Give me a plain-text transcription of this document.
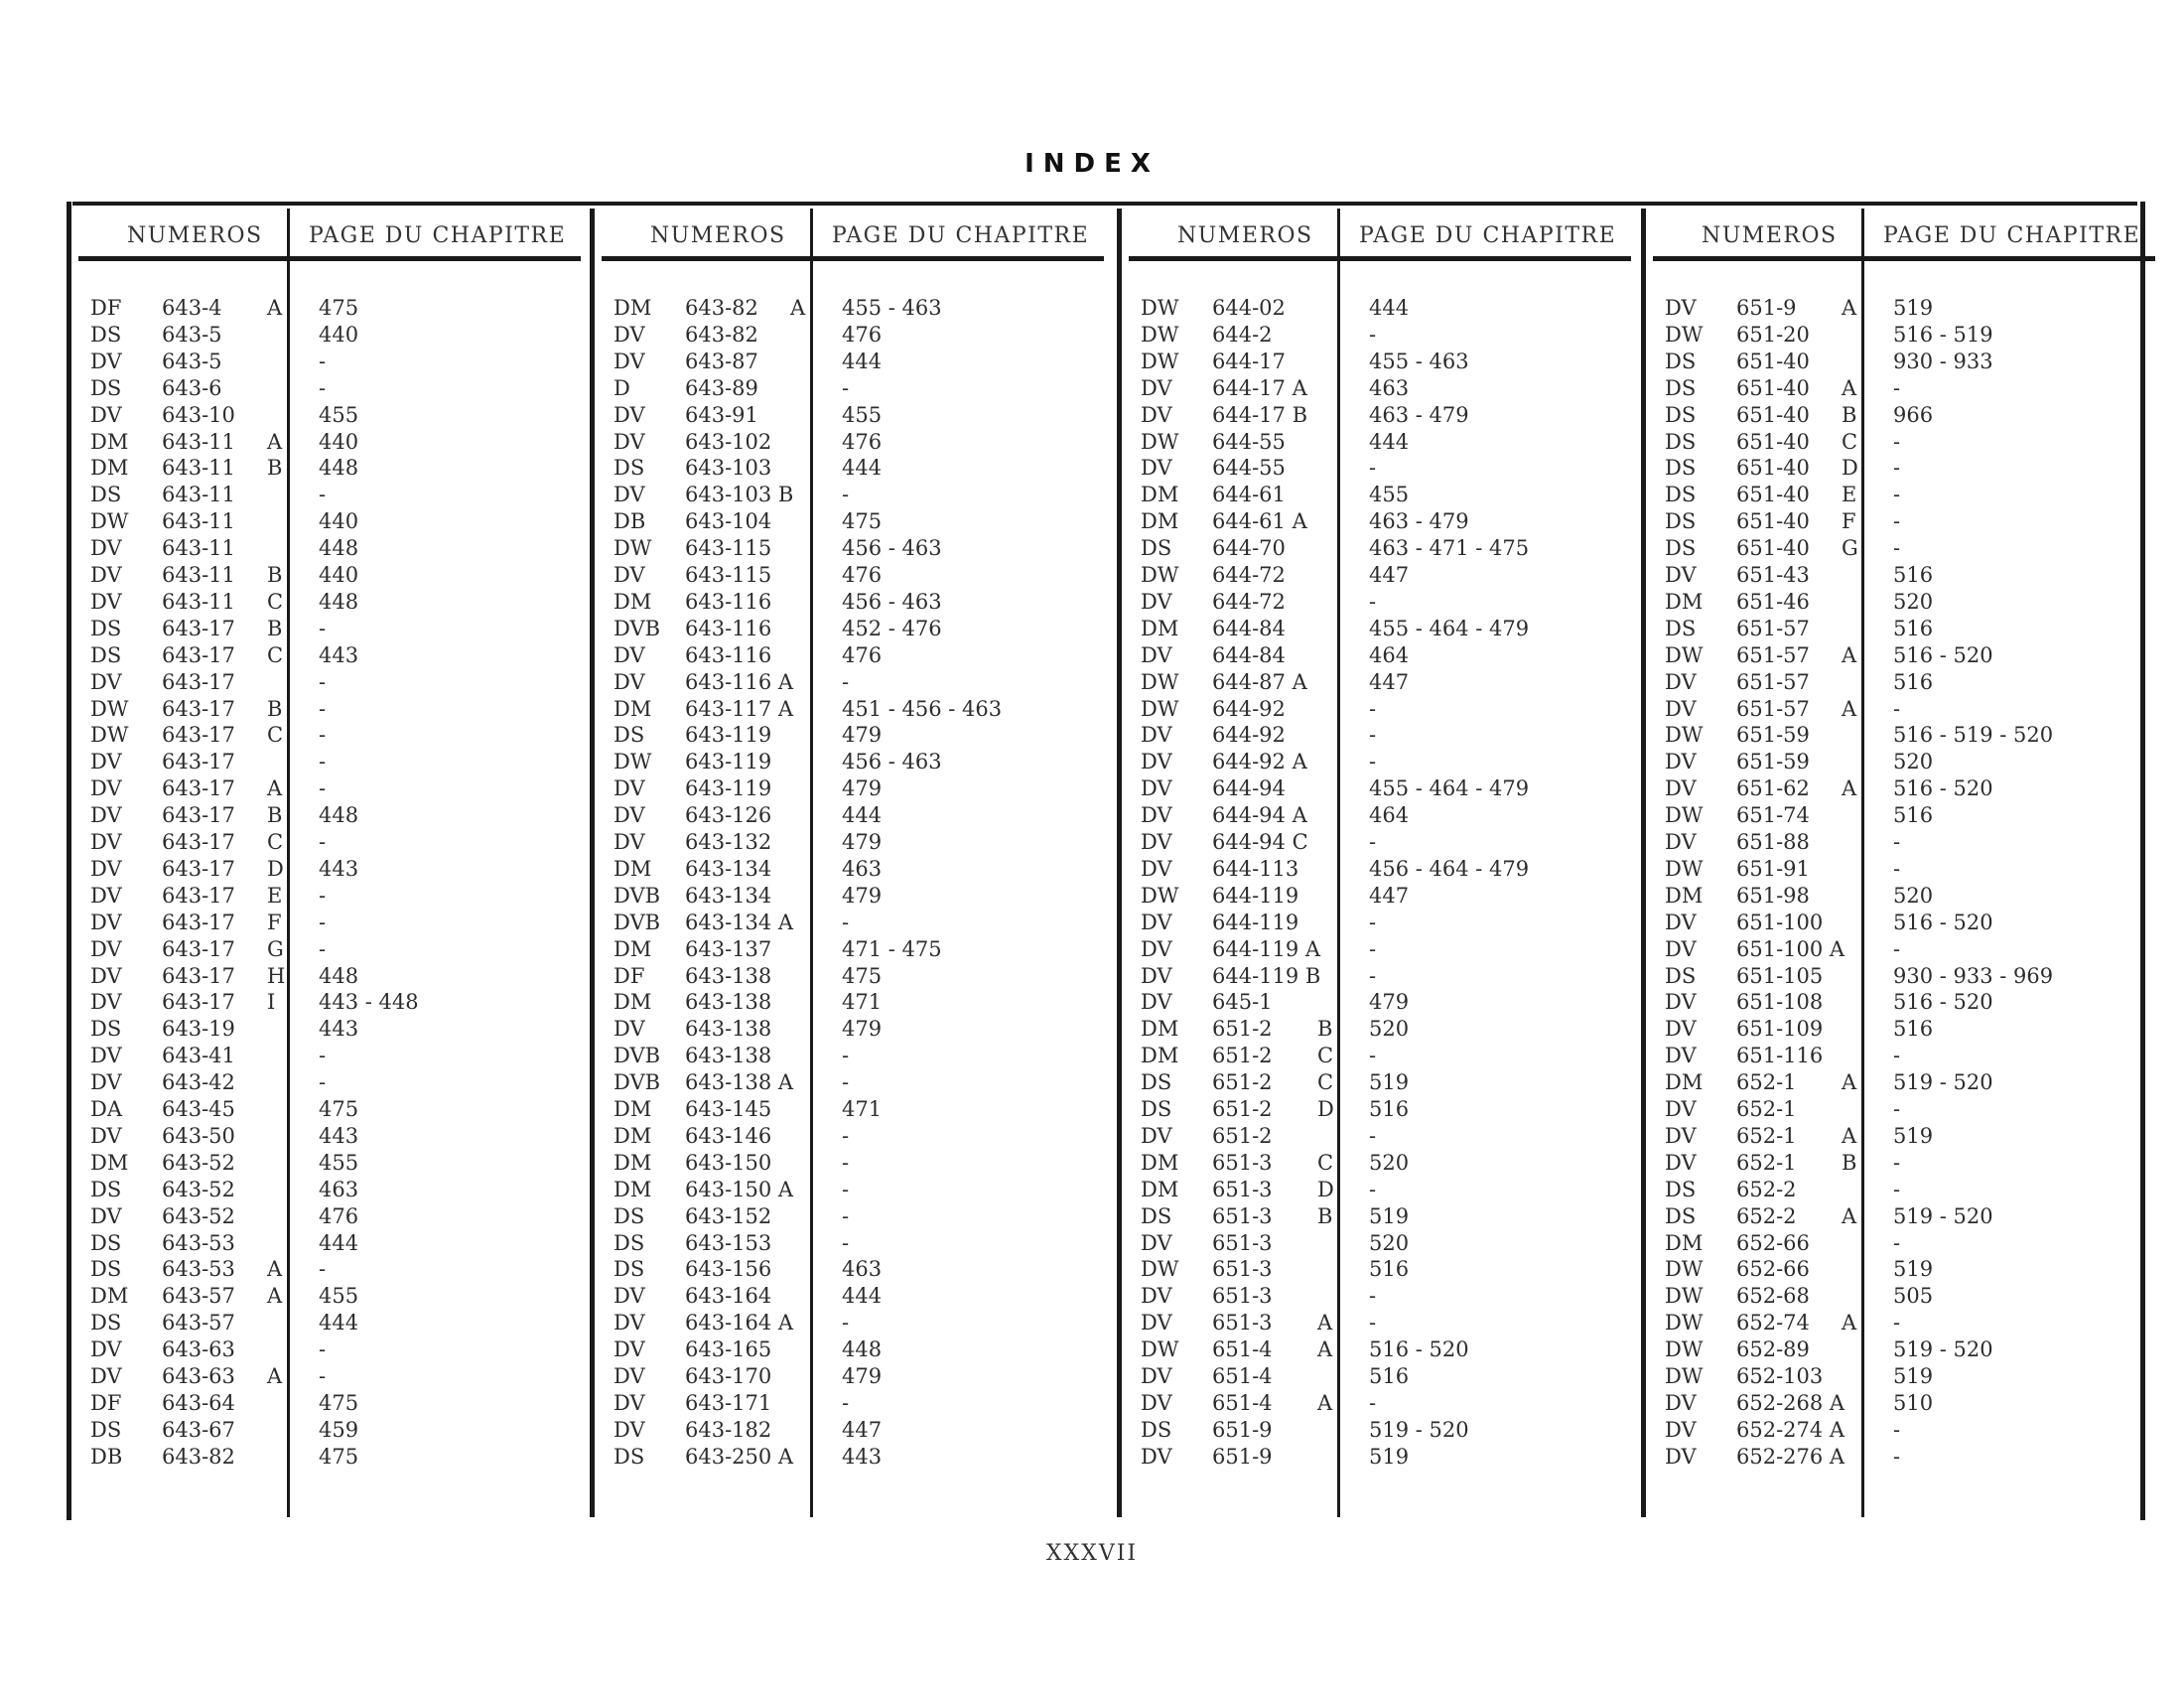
INDEX
NUMEROS PAGE DU CHAPITRE	NUMEROS PAGE DU CHAPITRE	NUMEROS PAGE DU CHAPITRE	NUMEROS PAGE DU CHAPITRE
DF 643-4 A 475
DS 643-5	440
DV 643-5	-
DS 643-6	-
DV 643-10	455
DM 643-11 A 440
DM 643-11 B 448
DS 643-11	-
DW 643-11	440
DV 643-11	448
DV 643-11 B 440
DV 643-11 C 448
DS 643-17 B -
DS 643-17 C 443
DV 643-17	-
DW 643-17 B -
DW 643-17 C -
DV 643-17	-
DV 643-17 A -
DV 643-17 B 448
DV 643-17 C -
DV 643-17 D 443
DV 643-17 E -
DV 643-17 F -
DV 643-17 G -
DV 643-17 H 448
DV 643-17 I 443 - 448
DS 643-19	443
DV 643-41	-
DV 643-42	-
DA 643-45	475
DV 643-50	443
DM 643-52	455
DS 643-52	463
DV 643-52	476
DS 643-53	444
DS 643-53 A -
DM 643-57 A 455
DS 643-57	444
DV 643-63	-
DV 643-63 A -
DF 643-64	475
DS 643-67	459
DB 643-82	475
DM 643-82 A 455 - 463
DV 643-82	476
DV 643-87	444
D	643-89	-
DV 643-91	455
DV 643-102	476
DS 643-103	444
DV 643-103 B -
DB 643-104	475
DW 643-115	456 - 463
DV 643-115	476
DM 643-116	456 - 463
DVB 643-116	452 - 476
DV 643-116	476
DV 643-116 A -
DM 643-117 A 451 - 456 - 463
DS 643-119	479
DW 643-119	456 - 463
DV 643-119	479
DV 643-126	444
DV 643-132	479
DM 643-134	463
DVB 643-134	479
DVB 643-134 A -
DM 643-137	471 - 475
DF 643-138	475
DM 643-138	471
DV 643-138	479
DVB 643-138	-
DVB 643-138 A -
DM 643-145	471
DM 643-146	-
DM 643-150	-
DM 643-150 A -
DS 643-152	-
DS 643-153	-
DS 643-156	463
DV 643-164	444
DV 643-164 A -
DV 643-165	448
DV 643-170	479
DV 643-171	-
DV 643-182	447
DS 643-250 A 443
DW 644-02	444
DW 644-2	-
DW 644-17	455 - 463
DV 644-17 A	463
DV 644-17 B	463 - 479
DW 644-55	444
DV 644-55	-
DM 644-61	455
DM 644-61 A	463 - 479
DS 644-70	463 - 471 - 475
DW 644-72	447
DV 644-72	-
DM 644-84	455 - 464 - 479
DV 644-84	464
DW 644-87 A	447
DW 644-92	-
DV 644-92	-
DV 644-92 A	-
DV 644-94	455 - 464 - 479
DV 644-94 A	464
DV 644-94 C	-
DV 644-113	456 - 464 - 479
DW 644-119	447
DV 644-119	-
DV 644-119 A -
DV 644-119 B -
DV 645-1	479
DM 651-2 B 520
DM 651-2 C -
DS 651-2 C 519
DS 651-2 D 516
DV 651-2	-
DM 651-3 C 520
DM 651-3 D -
DS 651-3 B 519
DV 651-3	520
DW 651-3	516
DV 651-3	-
DV 651-3 A -
DW 651-4 A 516 - 520
DV 651-4	516
DV 651-4 A -
DS 651-9	519 - 520
DV 651-9	519
DV 651-9 A 519
DW 651-20	516 - 519
DS 651-40	930 - 933
DS 651-40 A -
DS 651-40 B 966
DS 651-40 C -
DS 651-40 D -
DS 651-40 E -
DS 651-40 F -
DS 651-40 G -
DV 651-43	516
DM 651-46	520
DS 651-57	516
DW 651-57 A 516 - 520
DV 651-57	516
DV 651-57 A -
DW 651-59	516 - 519 - 520
DV 651-59	520
DV 651-62 A 516 - 520
DW 651-74	516
DV 651-88	-
DW 651-91	-
DM 651-98	520
DV 651-100	516 - 520
DV 651-100 A -
DS 651-105	930 - 933 - 969
DV 651-108	516 - 520
DV 651-109	516
DV 651-116	-
DM 652-1 A 519 - 520
DV 652-1	-
DV 652-1 A 519
DV 652-1 B -
DS 652-2	-
DS 652-2 A 519 - 520
DM 652-66	-
DW 652-66	519
DW 652-68	505
DW 652-74 A -
DW 652-89	519 - 520
DW 652-103	519
DV 652-268 A 510
DV 652-274 A -
DV 652-276 A -
XXXVII
